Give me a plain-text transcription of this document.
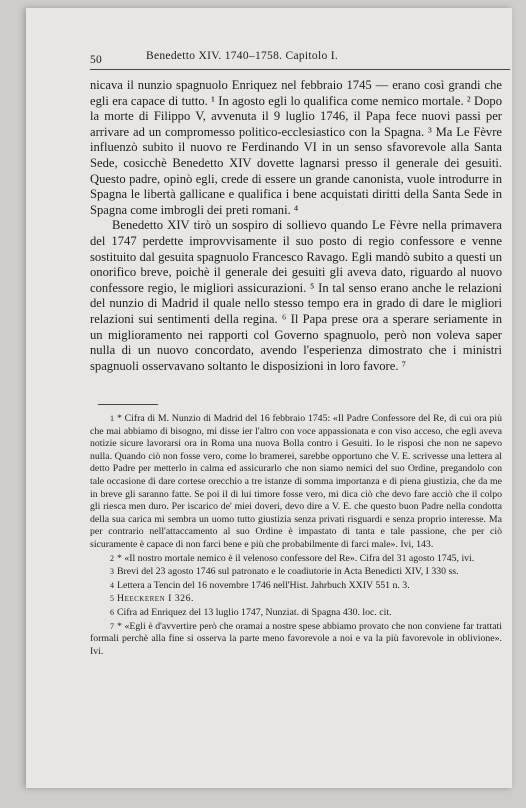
50	Benedetto XIV. 1740–1758. Capitolo I.

nicava il nunzio spagnuolo Enriquez nel febbraio 1745 — erano così grandi che egli era capace di tutto. ¹ In agosto egli lo qualifica come nemico mortale. ² Dopo la morte di Filippo V, avvenuta il 9 luglio 1746, il Papa fece nuovi passi per arrivare ad un compromesso politico-ecclesiastico con la Spagna. ³ Ma Le Fèvre influenzò subito il nuovo re Ferdinando VI in un senso sfavorevole alla Santa Sede, cosicchè Benedetto XIV dovette lagnarsi presso il generale dei gesuiti. Questo padre, opinò egli, crede di essere un grande canonista, vuole introdurre in Spagna le libertà gallicane e qualifica i bene acquistati diritti della Santa Sede in Spagna come imbrogli dei preti romani. ⁴

Benedetto XIV tirò un sospiro di sollievo quando Le Fèvre nella primavera del 1747 perdette improvvisamente il suo posto di regio confessore e venne sostituito dal gesuita spagnuolo Francesco Ravago. Egli mandò subito a questi un onorifico breve, poichè il generale dei gesuiti gli aveva dato, riguardo al nuovo confessore regio, le migliori assicurazioni. ⁵ In tal senso erano anche le relazioni del nunzio di Madrid il quale nello stesso tempo era in grado di dare le migliori relazioni sui sentimenti della regina. ⁶ Il Papa prese ora a sperare seriamente in un miglioramento nei rapporti col Governo spagnuolo, però non voleva saper nulla di un nuovo concordato, avendo l'esperienza dimostrato che i ministri spagnuoli osservavano soltanto le disposizioni in loro favore. ⁷

1 * Cifra di M. Nunzio di Madrid del 16 febbraio 1745: «Il Padre Confessore del Re, di cui ora più che mai abbiamo di bisogno, mi disse ier l'altro con voce appassionata e con viso acceso, che egli aveva notizie sicure lavorarsi ora in Roma una nuova Bolla contro i Gesuiti. Io le risposi che non ne sapevo nulla. Quando ciò non fosse vero, come lo bramerei, sarebbe opportuno che V. E. scrivesse una lettera al detto Padre per metterlo in calma ed assicurarlo che non siamo nemici del suo Ordine, pregandolo con tale occasione di dare cortese orecchio a tre istanze di somma importanza e di piena giustizia, che da me in breve gli saranno fatte. Se poi il di lui timore fosse vero, mi dica ciò che devo fare acciò che il colpo gli riesca men duro. Per iscarico de' miei doveri, devo dire a V. E. che questo buon Padre nella condotta della sua carica mi sembra un uomo tutto giustizia senza privati risguardi e senza proprio interesse. Ma per contrario nell'attaccamento al suo Ordine è impastato di tanta e tale passione, che per ciò sicuramente è capace di non farci bene e più che probabilmente di farci male». Ivi, 143.

2 * «Il nostro mortale nemico è il velenoso confessore del Re». Cifra del 31 agosto 1745, ivi.

3 Brevi del 23 agosto 1746 sul patronato e le coadiutorie in Acta Benedicti XIV, I 330 ss.

4 Lettera a Tencin del 16 novembre 1746 nell'Hist. Jahrbuch XXIV 551 n. 3.

5 Heeckeren I 326.

6 Cifra ad Enriquez del 13 luglio 1747, Nunziat. di Spagna 430. loc. cit.

7 * «Egli è d'avvertire però che oramai a nostre spese abbiamo provato che non conviene far trattati formali perchè alla fine si osserva la parte meno favorevole a noi e va la più favorevole in oblivione». Ivi.
